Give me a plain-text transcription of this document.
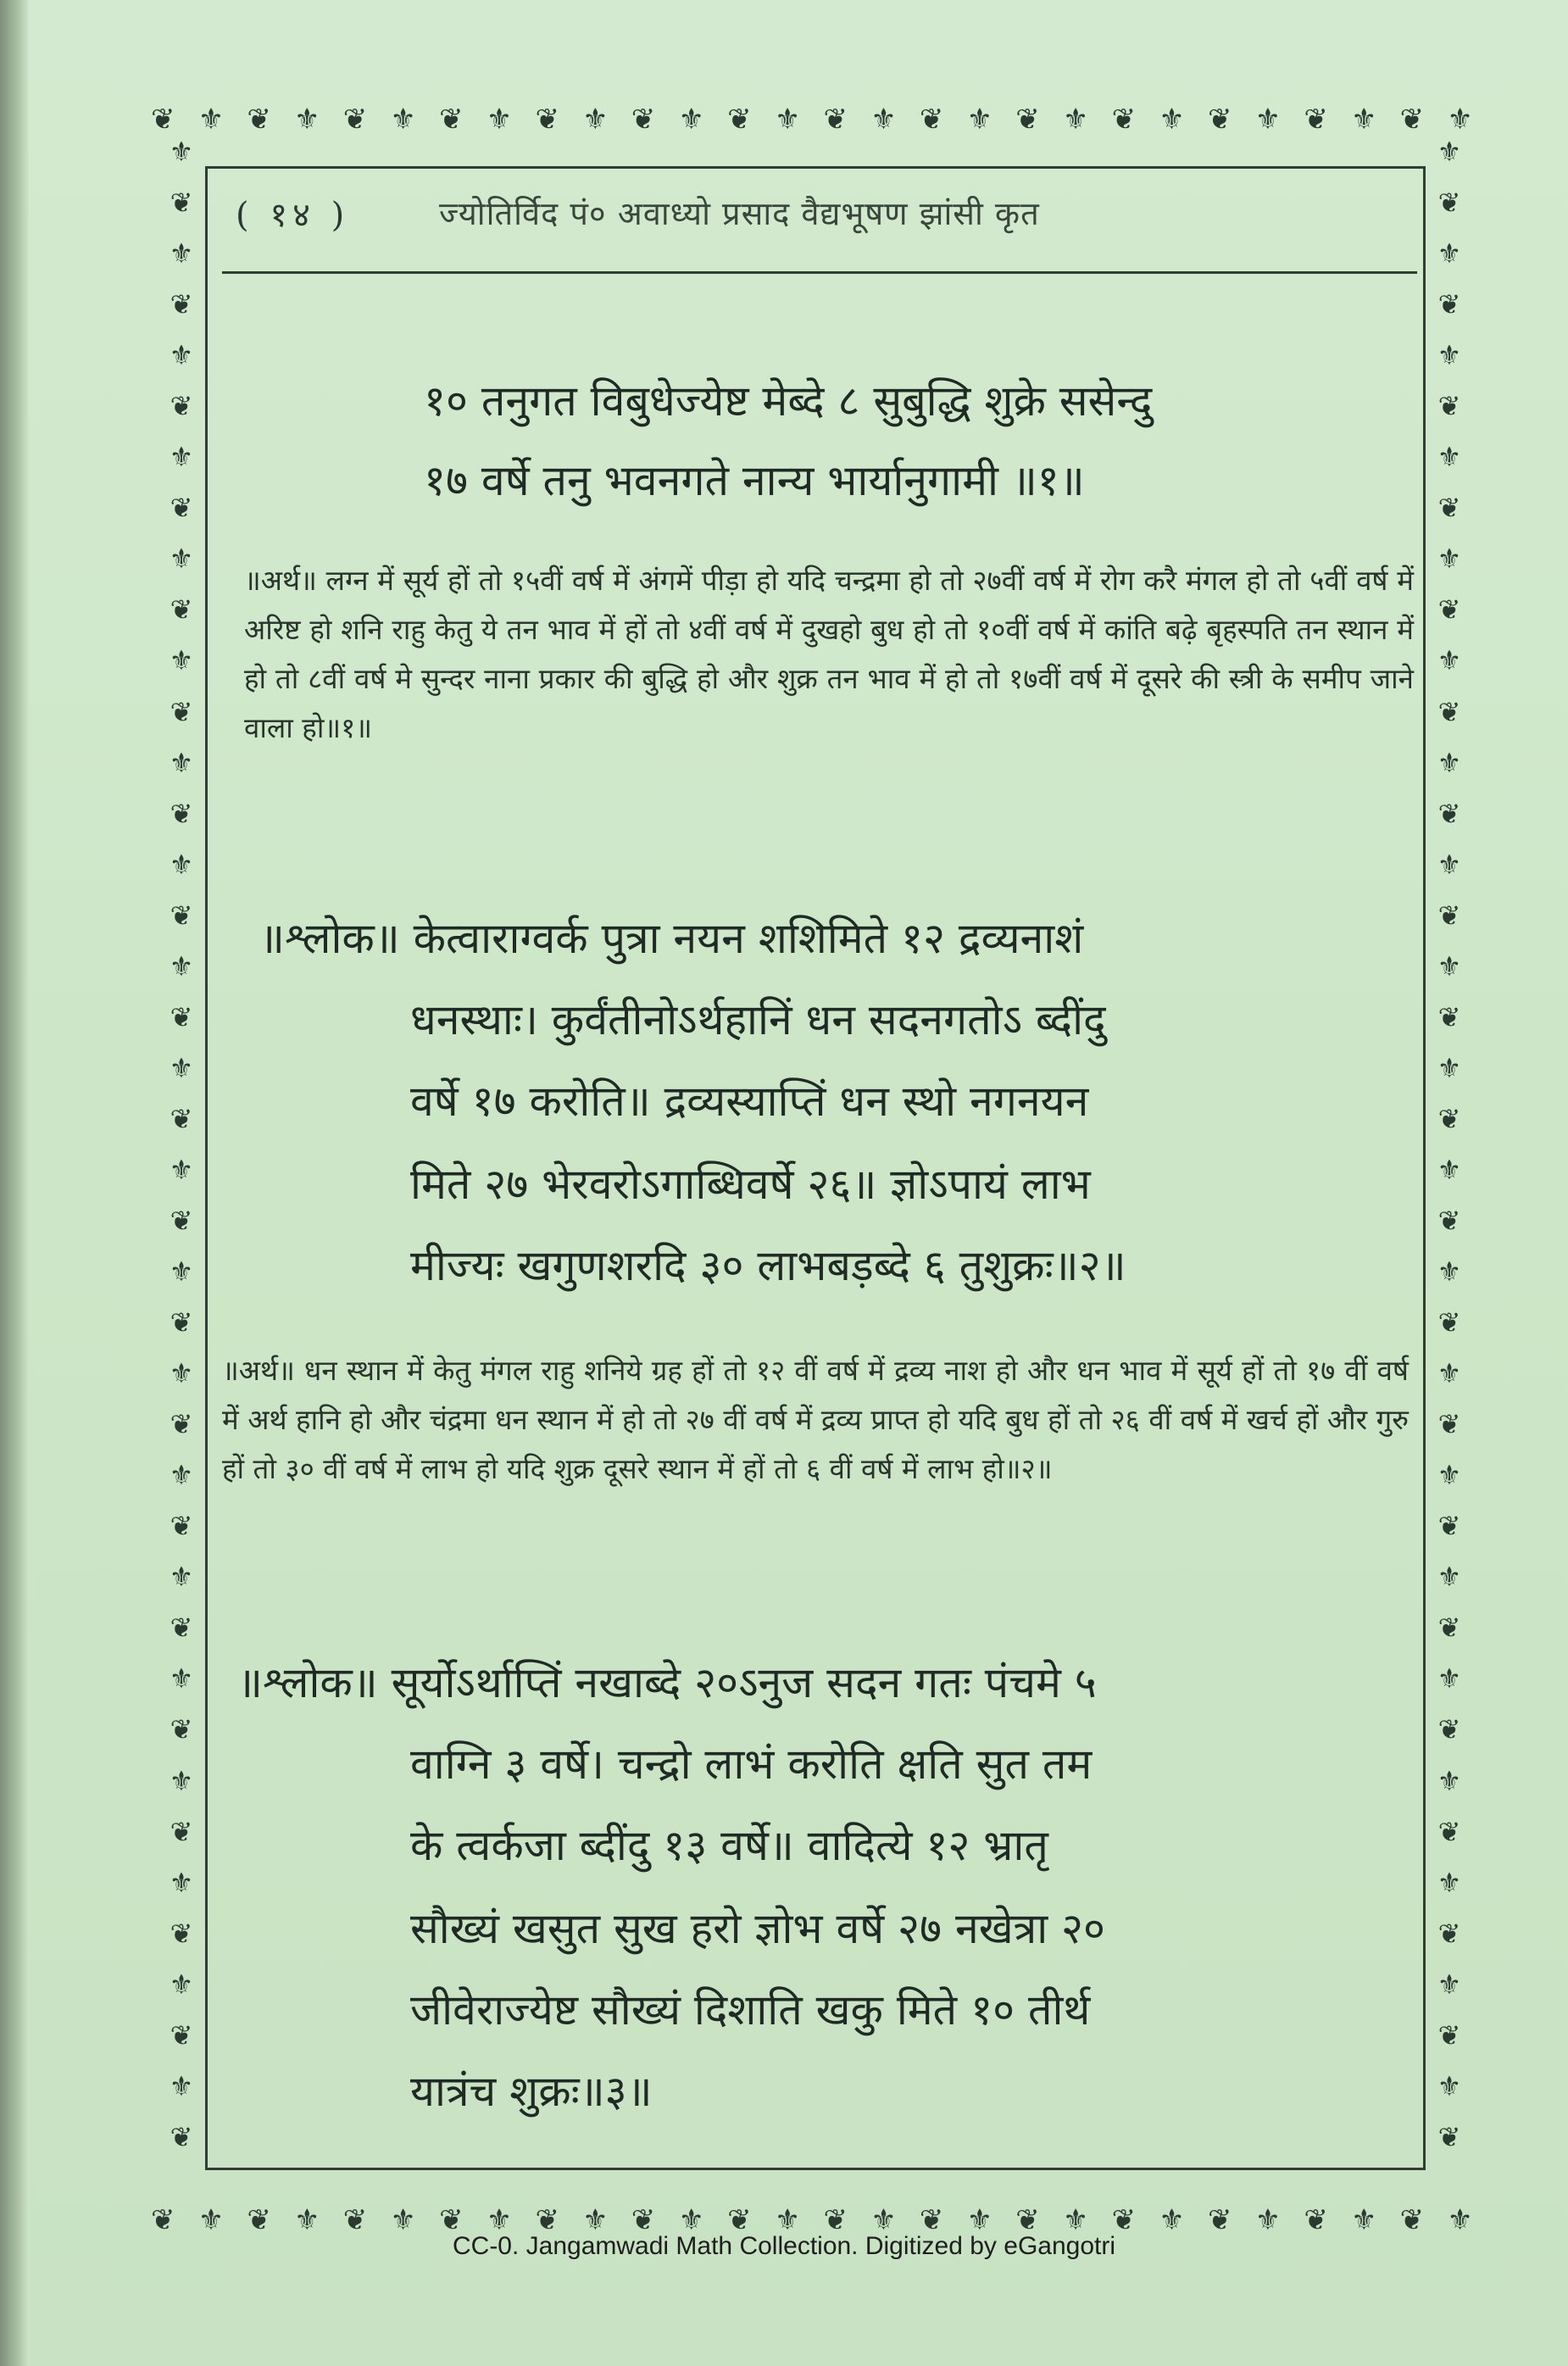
❦ ⚜ ❦ ⚜ ❦ ⚜ ❦ ⚜ ❦ ⚜ ❦ ⚜ ❦ ⚜ ❦ ⚜ ❦ ⚜ ❦ ⚜ ❦ ⚜ ❦ ⚜ ❦ ⚜ ❦ ⚜
❦ ⚜ ❦ ⚜ ❦ ⚜ ❦ ⚜ ❦ ⚜ ❦ ⚜ ❦ ⚜ ❦ ⚜ ❦ ⚜ ❦ ⚜ ❦ ⚜ ❦ ⚜ ❦ ⚜ ❦ ⚜
⚜
❦
⚜
❦
⚜
❦
⚜
❦
⚜
❦
⚜
❦
⚜
❦
⚜
❦
⚜
❦
⚜
❦
⚜
❦
⚜
❦
⚜
❦
⚜
❦
⚜
❦
⚜
❦
⚜
❦
⚜
❦
⚜
❦
⚜
❦
⚜
❦
⚜
❦
⚜
❦
⚜
❦
⚜
❦
⚜
❦
⚜
❦
⚜
❦
⚜
❦
⚜
❦
⚜
❦
⚜
❦
⚜
❦
⚜
❦
⚜
❦
⚜
❦
⚜
❦
⚜
❦
⚜
❦
⚜
❦
( १४ )	ज्योतिर्विद पं० अवाध्यो प्रसाद वैद्यभूषण झांसी कृत
१० तनुगत विबुधेज्येष्ट मेब्दे ८ सुबुद्धि शुक्रे ससेन्दु
१७ वर्षे तनु भवनगते नान्य भार्यानुगामी ॥१॥
॥अर्थ॥ लग्न में सूर्य हों तो १५वीं वर्ष में अंगमें पीड़ा हो यदि चन्द्रमा हो तो २७वीं वर्ष में रोग करै मंगल हो तो ५वीं वर्ष में अरिष्ट हो शनि राहु केतु ये तन भाव में हों तो ४वीं वर्ष में दुखहो बुध हो तो १०वीं वर्ष में कांति बढ़े बृहस्पति तन स्थान में हो तो ८वीं वर्ष मे सुन्दर नाना प्रकार की बुद्धि हो और शुक्र तन भाव में हो तो १७वीं वर्ष में दूसरे की स्त्री के समीप जाने वाला हो॥१॥
॥श्लोक॥ केत्वाराग्वर्क पुत्रा नयन शशिमिते १२ द्रव्यनाशं
धनस्थाः। कुर्वंतीनोऽर्थहानिं धन सदनगतोऽ ब्दींदु
वर्षे १७ करोति॥ द्रव्यस्याप्तिं धन स्थो नगनयन
मिते २७ भेरवरोऽगाब्धिवर्षे २६॥ ज्ञोऽपायं लाभ
मीज्यः खगुणशरदि ३० लाभबड़ब्दे ६ तुशुक्रः॥२॥
॥अर्थ॥ धन स्थान में केतु मंगल राहु शनिये ग्रह हों तो १२ वीं वर्ष में द्रव्य नाश हो और धन भाव में सूर्य हों तो १७ वीं वर्ष में अर्थ हानि हो और चंद्रमा धन स्थान में हो तो २७ वीं वर्ष में द्रव्य प्राप्त हो यदि बुध हों तो २६ वीं वर्ष में खर्च हों और गुरु हों तो ३० वीं वर्ष में लाभ हो यदि शुक्र दूसरे स्थान में हों तो ६ वीं वर्ष में लाभ हो॥२॥
॥श्लोक॥ सूर्योऽर्थाप्तिं नखाब्दे २०ऽनुज सदन गतः पंचमे ५
वाग्नि ३ वर्षे। चन्द्रो लाभं करोति क्षति सुत तम
के त्वर्कजा ब्दींदु १३ वर्षे॥ वादित्ये १२ भ्रातृ
सौख्यं खसुत सुख हरो ज्ञोभ वर्षे २७ नखेत्रा २०
जीवेराज्येष्ट सौख्यं दिशाति खकु मिते १० तीर्थ
यात्रंच शुक्रः॥३॥
CC-0. Jangamwadi Math Collection. Digitized by eGangotri
